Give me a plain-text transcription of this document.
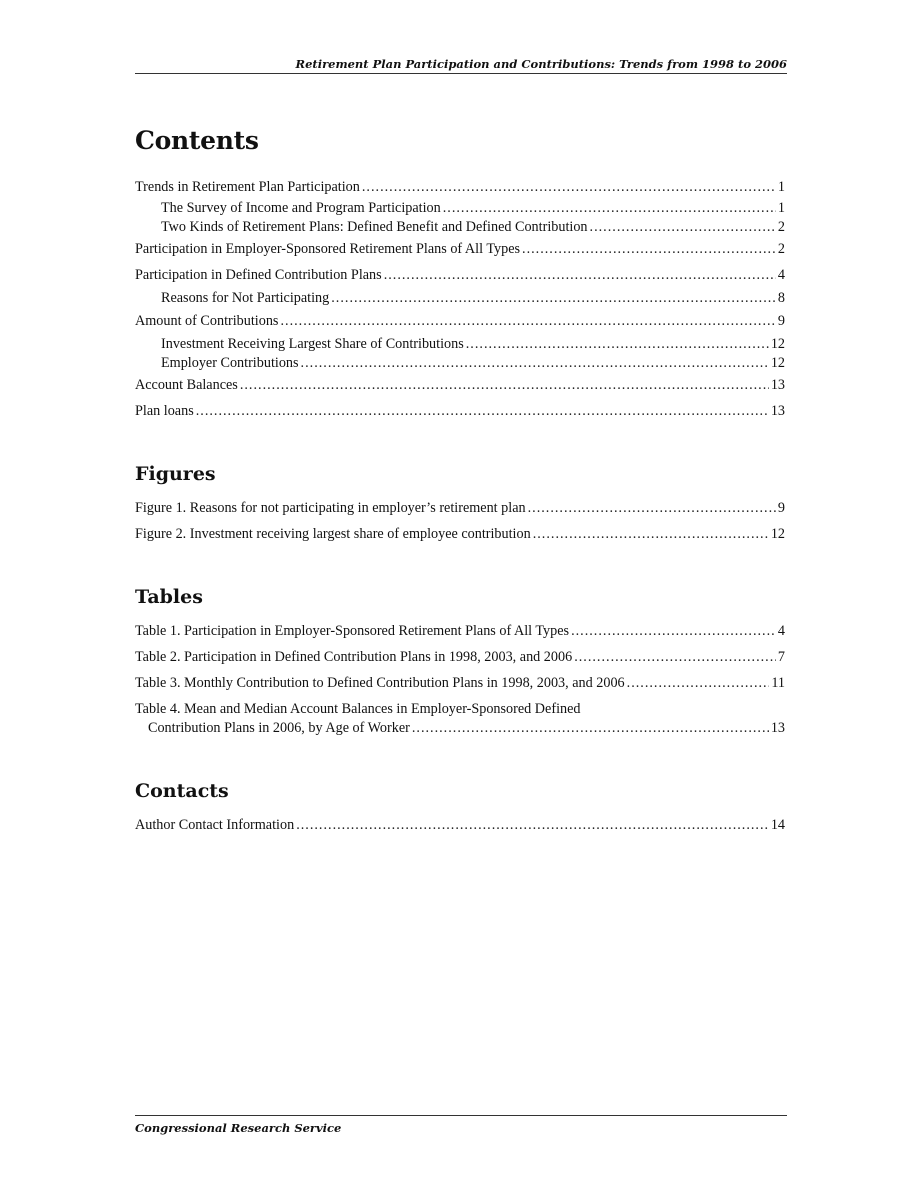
Retirement Plan Participation and Contributions: Trends from 1998 to 2006
Contents
Trends in Retirement Plan Participation .....	1
The Survey of Income and Program Participation .....	1
Two Kinds of Retirement Plans: Defined Benefit and Defined Contribution .....	2
Participation in Employer-Sponsored Retirement Plans of All Types .....	2
Participation in Defined Contribution Plans .....	4
Reasons for Not Participating .....	8
Amount of Contributions .....	9
Investment Receiving Largest Share of Contributions .....	12
Employer Contributions .....	12
Account Balances .....	13
Plan loans .....	13
Figures
Figure 1. Reasons for not participating in employer’s retirement plan .....	9
Figure 2. Investment receiving largest share of employee contribution .....	12
Tables
Table 1. Participation in Employer-Sponsored Retirement Plans of All Types .....	4
Table 2. Participation in Defined Contribution Plans in 1998, 2003, and 2006 .....	7
Table 3. Monthly Contribution to Defined Contribution Plans in 1998, 2003, and 2006 .....	11
Table 4. Mean and Median Account Balances in Employer-Sponsored Defined
Contribution Plans in 2006, by Age of Worker .....	13
Contacts
Author Contact Information .....	14
Congressional Research Service
